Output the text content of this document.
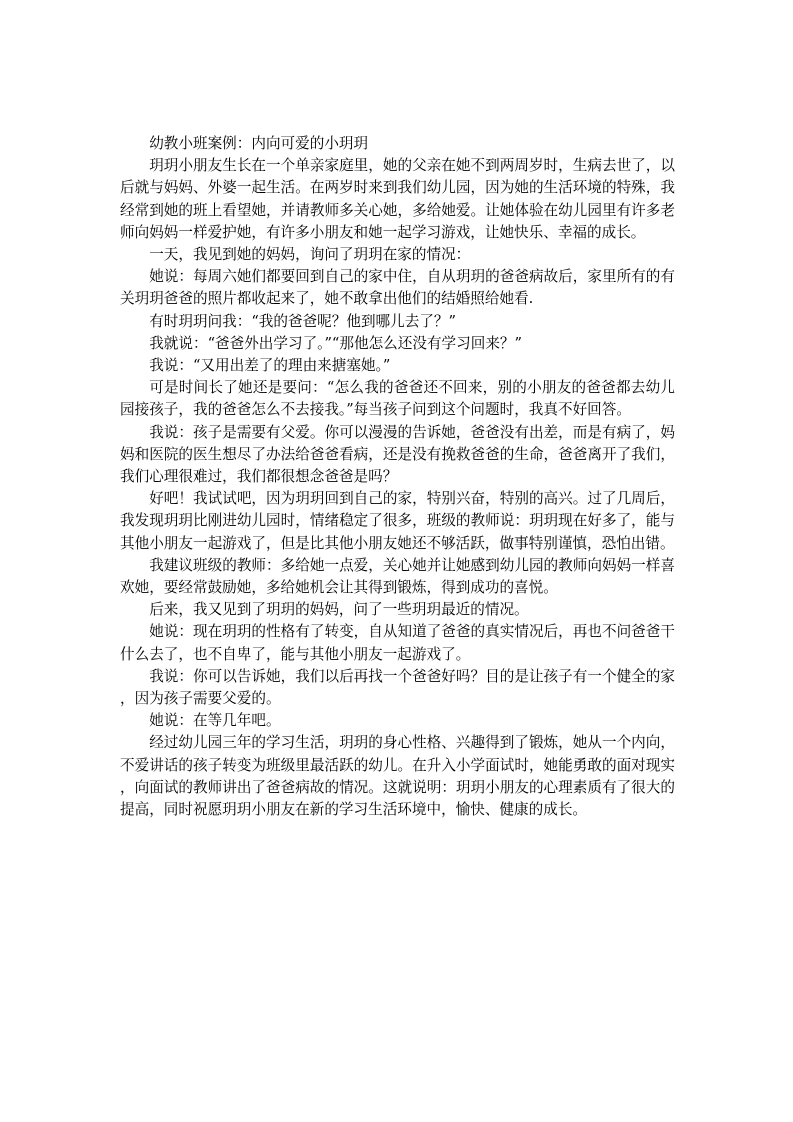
幼教小班案例：内向可爱的小玥玥

玥玥小朋友生长在一个单亲家庭里，她的父亲在她不到两周岁时，生病去世了，以后就与妈妈、外婆一起生活。在两岁时来到我们幼儿园，因为她的生活环境的特殊，我经常到她的班上看望她，并请教师多关心她，多给她爱。让她体验在幼儿园里有许多老师向妈妈一样爱护她，有许多小朋友和她一起学习游戏，让她快乐、幸福的成长。

一天，我见到她的妈妈，询问了玥玥在家的情况：

她说：每周六她们都要回到自己的家中住，自从玥玥的爸爸病故后，家里所有的有关玥玥爸爸的照片都收起来了，她不敢拿出他们的结婚照给她看.

有时玥玥问我：“我的爸爸呢？他到哪儿去了？”

我就说：“爸爸外出学习了。”“那他怎么还没有学习回来？”

我说：“又用出差了的理由来搪塞她。”

可是时间长了她还是要问：“怎么我的爸爸还不回来，别的小朋友的爸爸都去幼儿园接孩子，我的爸爸怎么不去接我。”每当孩子问到这个问题时，我真不好回答。

我说：孩子是需要有父爱。你可以漫漫的告诉她，爸爸没有出差，而是有病了，妈妈和医院的医生想尽了办法给爸爸看病，还是没有挽救爸爸的生命，爸爸离开了我们，我们心理很难过，我们都很想念爸爸是吗？

好吧！我试试吧，因为玥玥回到自己的家，特别兴奋，特别的高兴。过了几周后，我发现玥玥比刚进幼儿园时，情绪稳定了很多，班级的教师说：玥玥现在好多了，能与其他小朋友一起游戏了，但是比其他小朋友她还不够活跃，做事特别谨慎，恐怕出错。

我建议班级的教师：多给她一点爱，关心她并让她感到幼儿园的教师向妈妈一样喜欢她，要经常鼓励她，多给她机会让其得到锻炼，得到成功的喜悦。

后来，我又见到了玥玥的妈妈，问了一些玥玥最近的情况。

她说：现在玥玥的性格有了转变，自从知道了爸爸的真实情况后，再也不问爸爸干什么去了，也不自卑了，能与其他小朋友一起游戏了。

我说：你可以告诉她，我们以后再找一个爸爸好吗？目的是让孩子有一个健全的家，因为孩子需要父爱的。

她说：在等几年吧。

经过幼儿园三年的学习生活，玥玥的身心性格、兴趣得到了锻炼，她从一个内向，不爱讲话的孩子转变为班级里最活跃的幼儿。在升入小学面试时，她能勇敢的面对现实，向面试的教师讲出了爸爸病故的情况。这就说明：玥玥小朋友的心理素质有了很大的提高，同时祝愿玥玥小朋友在新的学习生活环境中，愉快、健康的成长。
